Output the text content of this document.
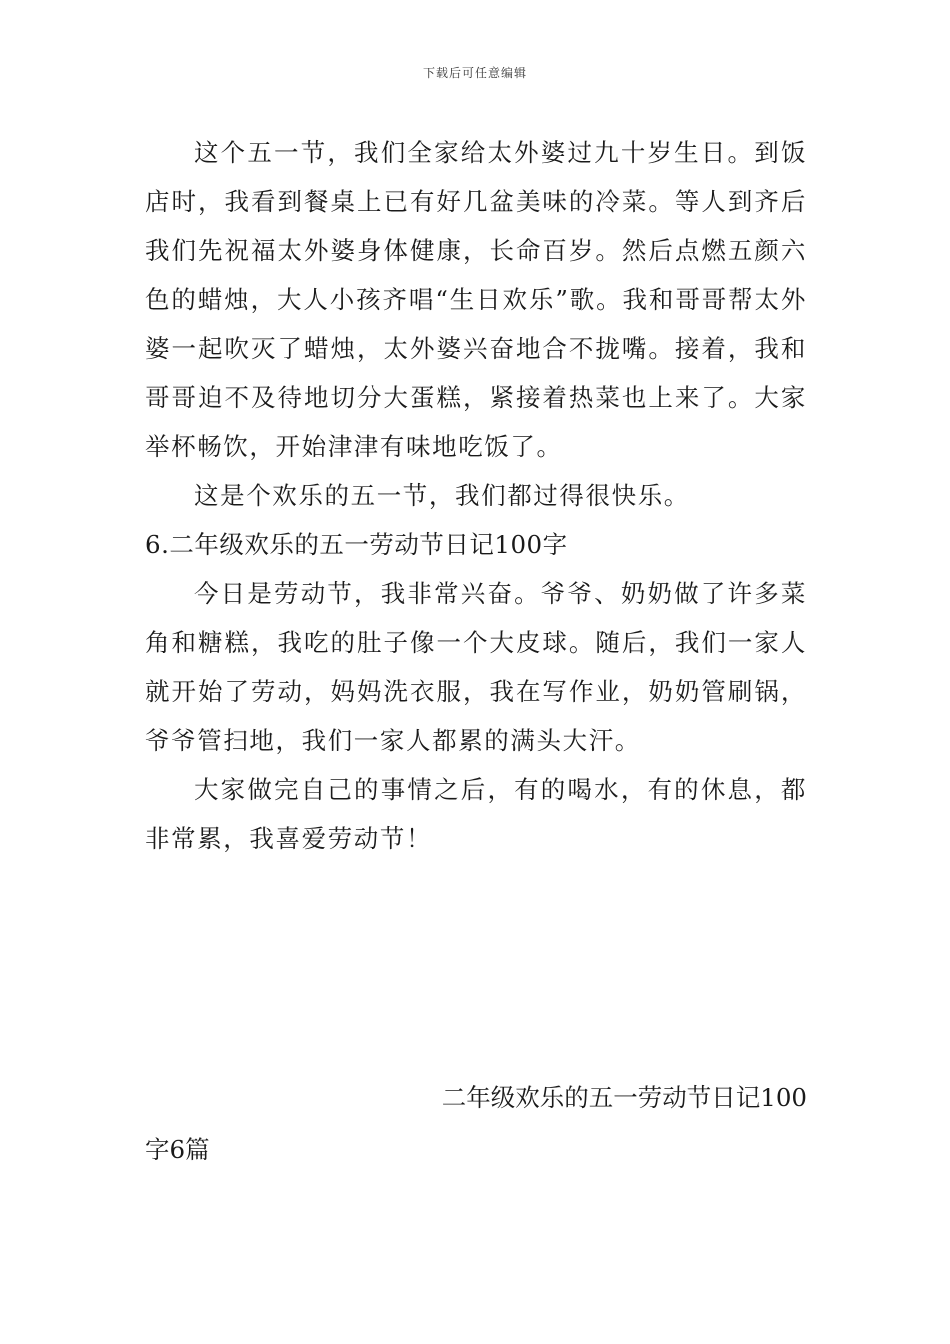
下载后可任意编辑

这个五一节，我们全家给太外婆过九十岁生日。到饭店时，我看到餐桌上已有好几盆美味的冷菜。等人到齐后我们先祝福太外婆身体健康，长命百岁。然后点燃五颜六色的蜡烛，大人小孩齐唱“生日欢乐”歌。我和哥哥帮太外婆一起吹灭了蜡烛，太外婆兴奋地合不拢嘴。接着，我和哥哥迫不及待地切分大蛋糕，紧接着热菜也上来了。大家举杯畅饮，开始津津有味地吃饭了。

这是个欢乐的五一节，我们都过得很快乐。

6.二年级欢乐的五一劳动节日记100字

今日是劳动节，我非常兴奋。爷爷、奶奶做了许多菜角和糖糕，我吃的肚子像一个大皮球。随后，我们一家人就开始了劳动，妈妈洗衣服，我在写作业，奶奶管刷锅，爷爷管扫地，我们一家人都累的满头大汗。

大家做完自己的事情之后，有的喝水，有的休息，都非常累，我喜爱劳动节！

二年级欢乐的五一劳动节日记100
字6篇
